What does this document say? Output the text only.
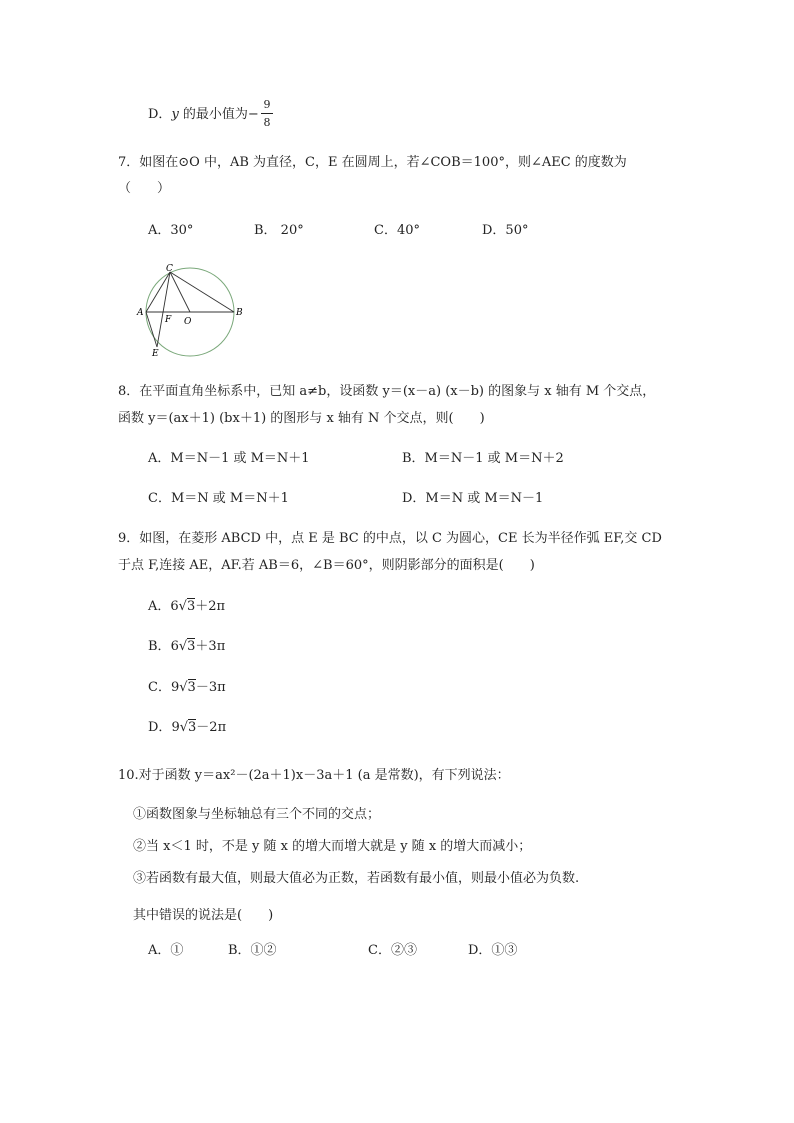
D．y 的最小值为−
9
8
7．如图在⊙O 中，AB 为直径，C，E 在圆周上，若∠COB＝100°，则∠AEC 的度数为
（　　）
A．30°	B． 20°	C．40°	D．50°
C
A
F O
B
E
8．在平面直角坐标系中，已知 a≠b，设函数 y＝(x－a) (x－b) 的图象与 x 轴有 M 个交点，
函数 y＝(ax＋1) (bx＋1) 的图形与 x 轴有 N 个交点，则(　　)
A．M＝N－1 或 M＝N＋1	B．M＝N－1 或 M＝N＋2
C．M＝N 或 M＝N＋1	D．M＝N 或 M＝N－1
9．如图，在菱形 ABCD 中，点 E 是 BC 的中点，以 C 为圆心，CE 长为半径作弧 EF,交 CD
于点 F,连接 AE，AF.若 AB＝6，∠B＝60°，则阴影部分的面积是(　　)
A．6√3＋2π
B．6√3＋3π
C．9√3－3π
D．9√3－2π
10.对于函数 y＝ax²－(2a＋1)x－3a＋1 (a 是常数)，有下列说法：
①函数图象与坐标轴总有三个不同的交点；
②当 x＜1 时，不是 y 随 x 的增大而增大就是 y 随 x 的增大而减小；
③若函数有最大值，则最大值必为正数，若函数有最小值，则最小值必为负数.
其中错误的说法是(　　)
A．①	B．①②	C．②③	D．①③
